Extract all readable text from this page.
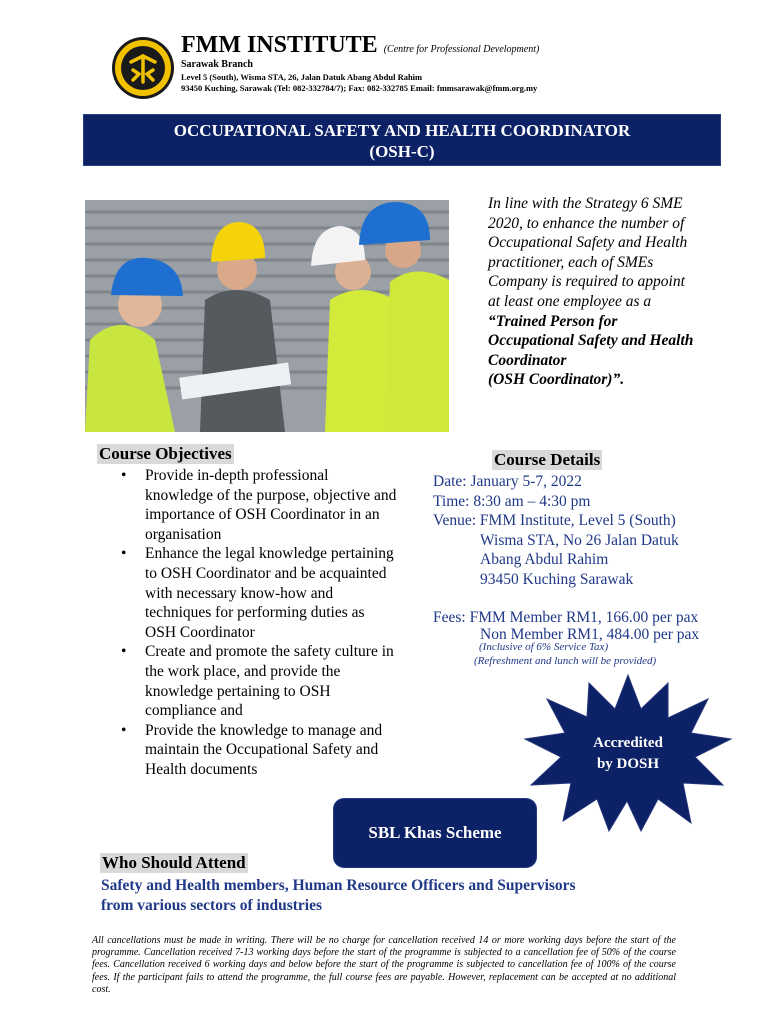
FMM INSTITUTE (Centre for Professional Development)
Sarawak Branch
Level 5 (South), Wisma STA, 26, Jalan Datuk Abang Abdul Rahim
93450 Kuching, Sarawak (Tel: 082-332784/7); Fax: 082-332785 Email: fmmsarawak@fmm.org.my
OCCUPATIONAL SAFETY AND HEALTH COORDINATOR
(OSH-C)
In line with the Strategy 6 SME 2020, to enhance the number of Occupational Safety and Health practitioner, each of SMEs Company is required to appoint at least one employee as a “Trained Person for Occupational Safety and Health Coordinator
(OSH Coordinator)”.
Course Objectives
• Provide in-depth professional knowledge of the purpose, objective and importance of OSH Coordinator in an organisation
• Enhance the legal knowledge pertaining to OSH Coordinator and be acquainted with necessary know-how and techniques for performing duties as OSH Coordinator
• Create and promote the safety culture in the work place, and provide the knowledge pertaining to OSH compliance and
• Provide the knowledge to manage and maintain the Occupational Safety and Health documents
Course Details
Date: January 5-7, 2022
Time: 8:30 am – 4:30 pm
Venue: FMM Institute, Level 5 (South)
Wisma STA, No 26 Jalan Datuk
Abang Abdul Rahim
93450 Kuching Sarawak
Fees: FMM Member RM1, 166.00 per pax
Non Member RM1, 484.00 per pax
(Inclusive of 6% Service Tax)
(Refreshment and lunch will be provided)
Accredited
by DOSH
SBL Khas Scheme
Who Should Attend
Safety and Health members, Human Resource Officers and Supervisors from various sectors of industries
All cancellations must be made in writing. There will be no charge for cancellation received 14 or more working days before the start of the programme. Cancellation received 7-13 working days before the start of the programme is subjected to a cancellation fee of 50% of the course fees. Cancellation received 6 working days and below before the start of the programme is subjected to cancellation fee of 100% of the course fees. If the participant fails to attend the programme, the full course fees are payable. However, replacement can be accepted at no additional cost.
